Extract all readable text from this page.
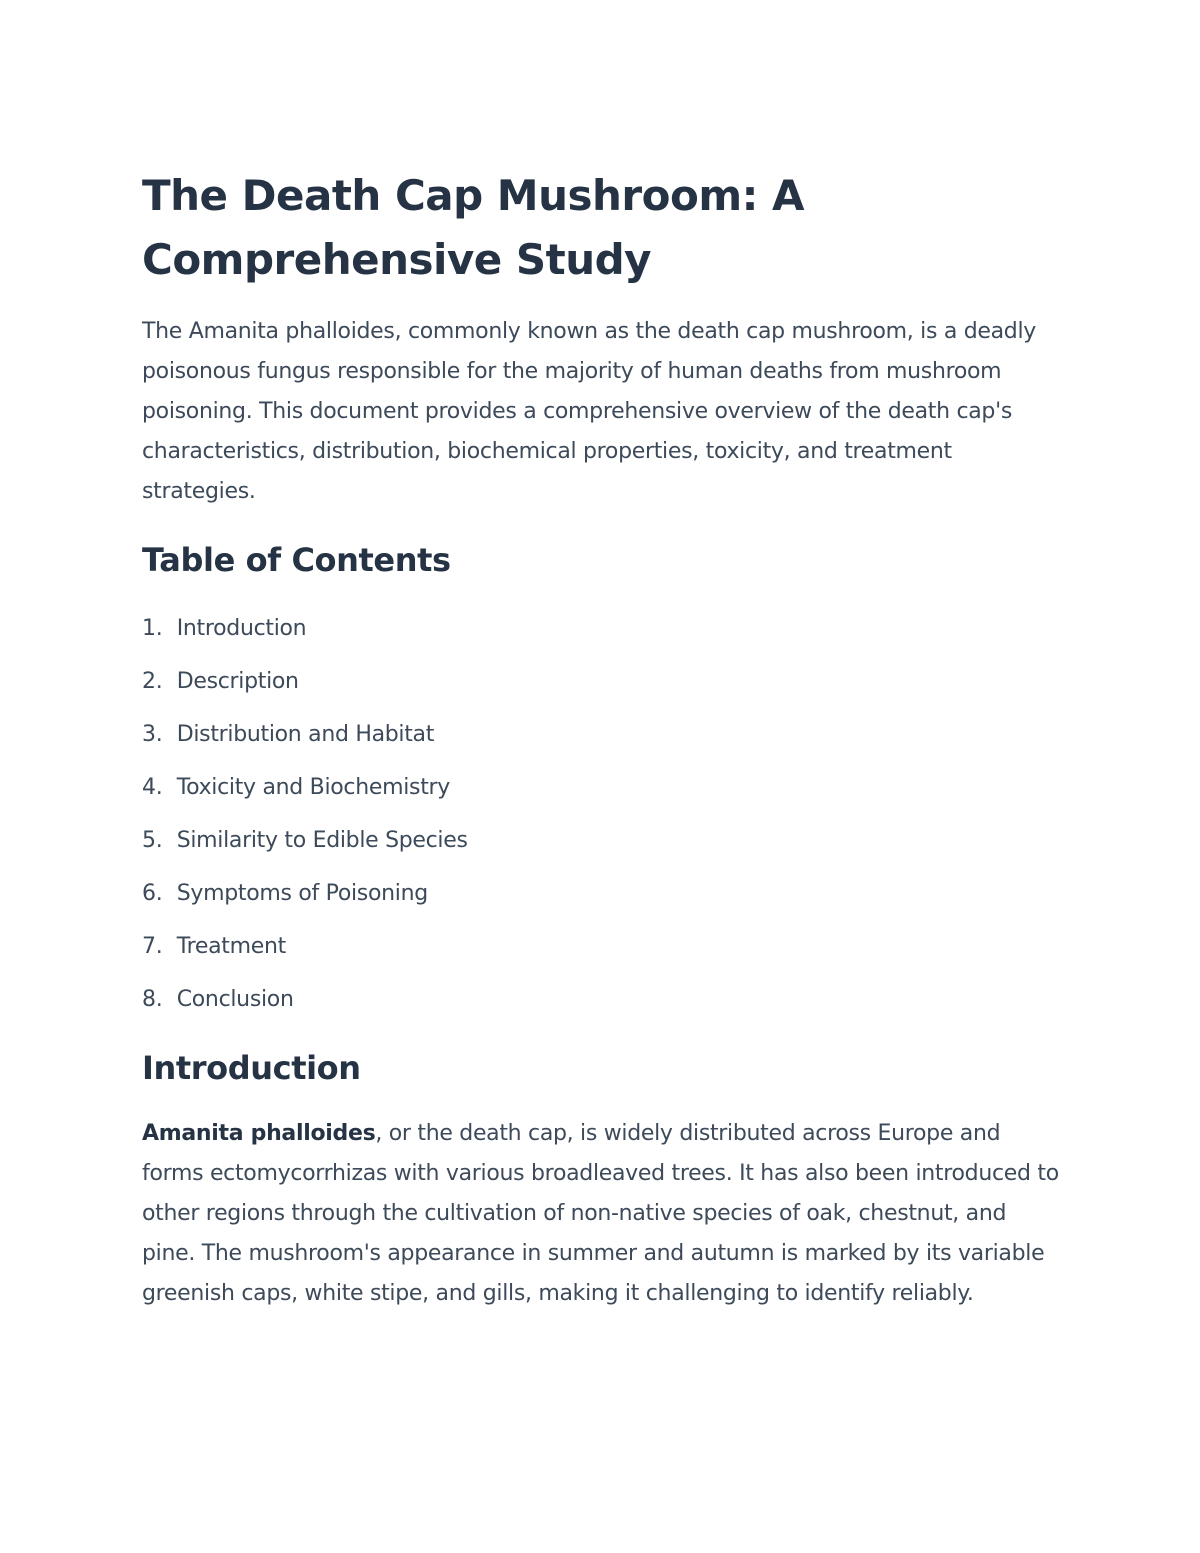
The Death Cap Mushroom: A Comprehensive Study

The Amanita phalloides, commonly known as the death cap mushroom, is a deadly poisonous fungus responsible for the majority of human deaths from mushroom poisoning. This document provides a comprehensive overview of the death cap's characteristics, distribution, biochemical properties, toxicity, and treatment strategies.

Table of Contents
1. Introduction
2. Description
3. Distribution and Habitat
4. Toxicity and Biochemistry
5. Similarity to Edible Species
6. Symptoms of Poisoning
7. Treatment
8. Conclusion
Introduction

Amanita phalloides, or the death cap, is widely distributed across Europe and forms ectomycorrhizas with various broadleaved trees. It has also been introduced to other regions through the cultivation of non-native species of oak, chestnut, and pine. The mushroom's appearance in summer and autumn is marked by its variable greenish caps, white stipe, and gills, making it challenging to identify reliably.
